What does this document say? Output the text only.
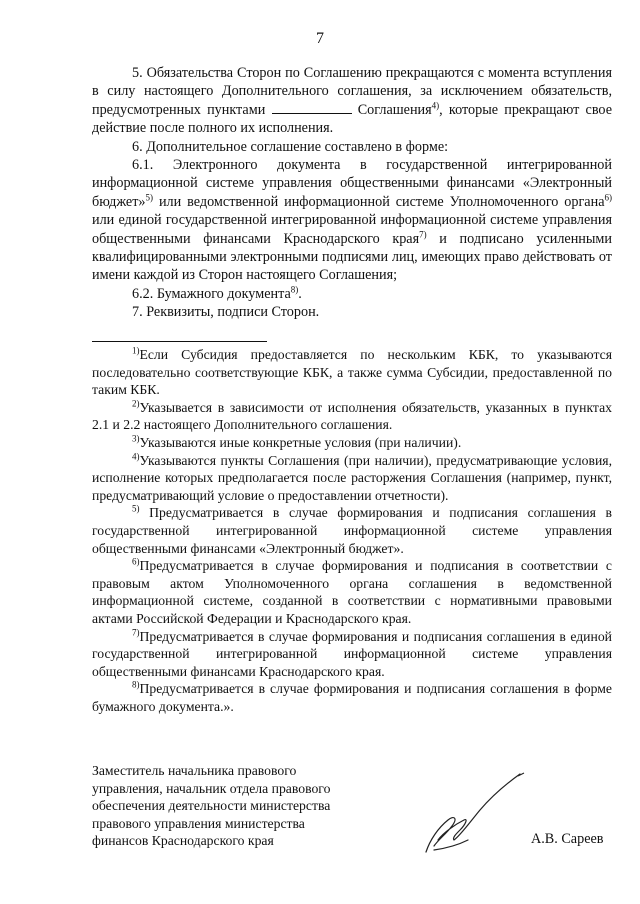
7

5. Обязательства Сторон по Соглашению прекращаются с момента вступления в силу настоящего Дополнительного соглашения, за исключением обязательств, предусмотренных пунктами	Соглашения$^{4)}$, которые прекращают свое действие после полного их исполнения.

6. Дополнительное соглашение составлено в форме:

6.1. Электронного документа в государственной интегрированной информационной системе управления общественными финансами «Электронный бюджет»$^{5)}$ или ведомственной информационной системе Уполномоченного органа$^{6)}$ или единой государственной интегрированной информационной системе управления общественными финансами Краснодарского края$^{7)}$ и подписано усиленными квалифицированными электронными подписями лиц, имеющих право действовать от имени каждой из Сторон настоящего Соглашения;

6.2. Бумажного документа$^{8)}$.

7. Реквизиты, подписи Сторон.

$^{1)}$Если Субсидия предоставляется по нескольким КБК, то указываются последовательно соответствующие КБК, а также сумма Субсидии, предоставленной по таким КБК.

$^{2)}$Указывается в зависимости от исполнения обязательств, указанных в пунктах 2.1 и 2.2 настоящего Дополнительного соглашения.

$^{3)}$Указываются иные конкретные условия (при наличии).

$^{4)}$Указываются пункты Соглашения (при наличии), предусматривающие условия, исполнение которых предполагается после расторжения Соглашения (например, пункт, предусматривающий условие о предоставлении отчетности).

$^{5)}$ Предусматривается в случае формирования и подписания соглашения в государственной интегрированной информационной системе управления общественными финансами «Электронный бюджет».

$^{6)}$Предусматривается в случае формирования и подписания в соответствии с правовым актом Уполномоченного органа соглашения в ведомственной информационной системе, созданной в соответствии с нормативными правовыми актами Российской Федерации и Краснодарского края.

$^{7)}$Предусматривается в случае формирования и подписания соглашения в единой государственной интегрированной информационной системе управления общественными финансами Краснодарского края.

$^{8)}$Предусматривается в случае формирования и подписания соглашения в форме бумажного документа.».

Заместитель начальника правового
управления, начальник отдела правового
обеспечения деятельности министерства
правового управления министерства
финансов Краснодарского края	А.В. Сареев
